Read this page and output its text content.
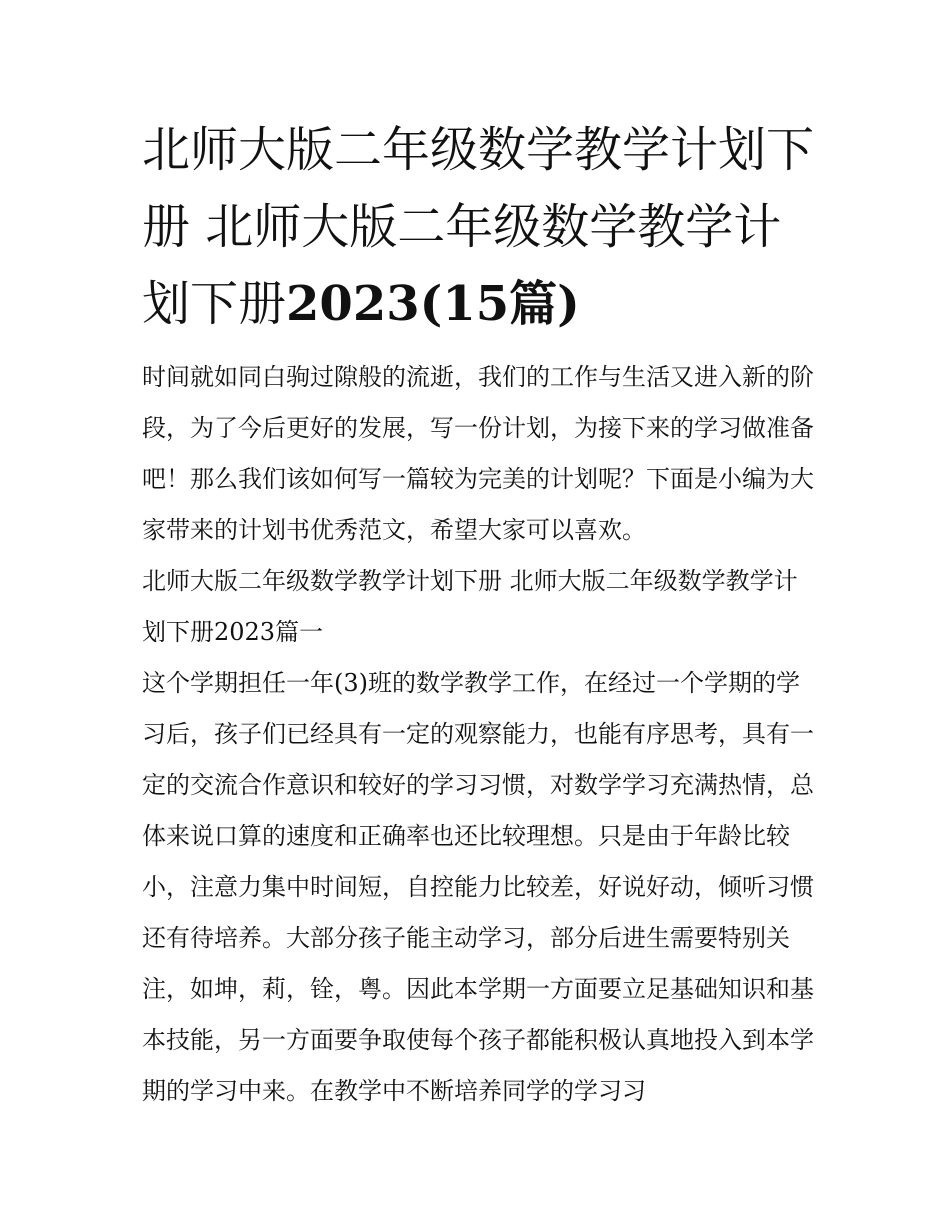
北师大版二年级数学教学计划下册 北师大版二年级数学教学计划下册2023(15篇)

时间就如同白驹过隙般的流逝，我们的工作与生活又进入新的阶段，为了今后更好的发展，写一份计划，为接下来的学习做准备吧！那么我们该如何写一篇较为完美的计划呢？下面是小编为大家带来的计划书优秀范文，希望大家可以喜欢。

北师大版二年级数学教学计划下册 北师大版二年级数学教学计划下册2023篇一

这个学期担任一年(3)班的数学教学工作，在经过一个学期的学习后，孩子们已经具有一定的观察能力，也能有序思考，具有一定的交流合作意识和较好的学习习惯，对数学学习充满热情，总体来说口算的速度和正确率也还比较理想。只是由于年龄比较小，注意力集中时间短，自控能力比较差，好说好动，倾听习惯还有待培养。大部分孩子能主动学习，部分后进生需要特别关注，如坤，莉，铨，粤。因此本学期一方面要立足基础知识和基本技能，另一方面要争取使每个孩子都能积极认真地投入到本学期的学习中来。在教学中不断培养同学的学习习
